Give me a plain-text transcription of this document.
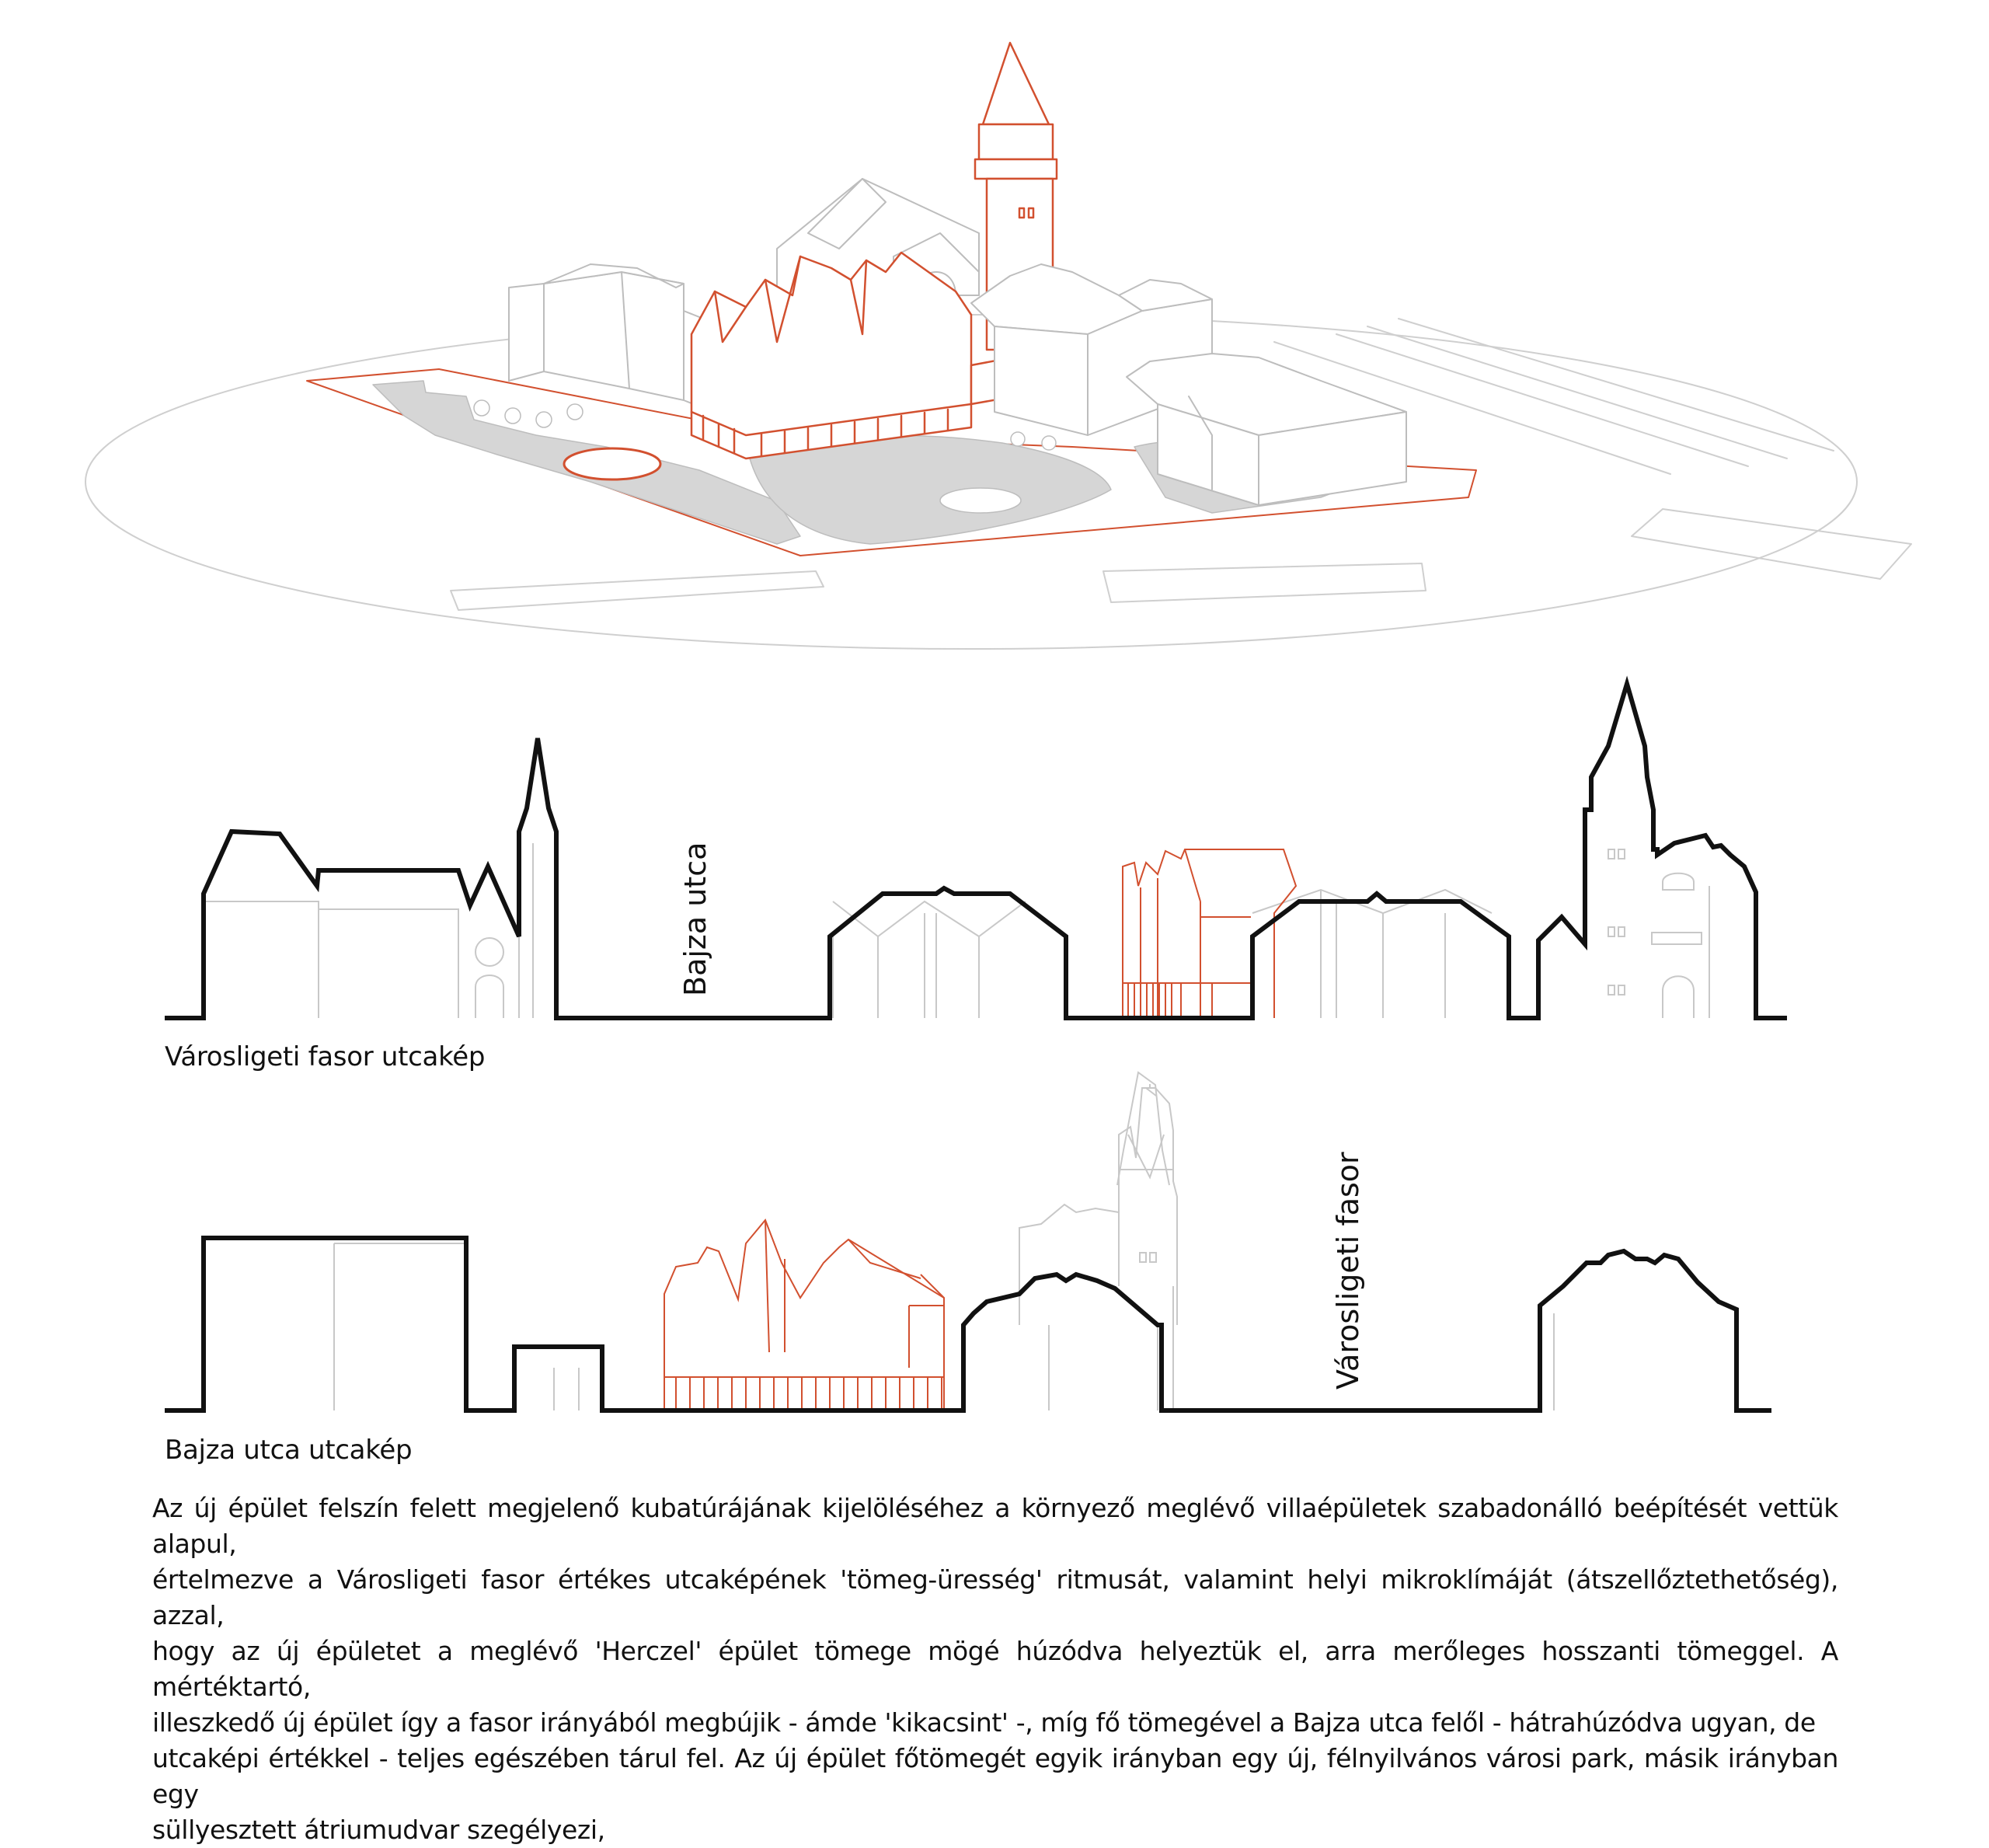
Bajza utca
Városligeti fasor
Városligeti fasor utcakép
Bajza utca utcakép
Az új épület felszín felett megjelenő kubatúrájának kijelöléséhez a környező meglévő villaépületek szabadonálló beépítését vettük alapul,
értelmezve a Városligeti fasor értékes utcaképének 'tömeg-üresség' ritmusát, valamint helyi mikroklímáját (átszellőztethetőség), azzal,
hogy az új épületet a meglévő 'Herczel' épület tömege mögé húzódva helyeztük el, arra merőleges hosszanti tömeggel. A mértéktartó,
illeszkedő új épület így a fasor irányából megbújik - ámde 'kikacsint' -, míg fő tömegével a Bajza utca felől - hátrahúzódva ugyan, de
utcaképi értékkel - teljes egészében tárul fel. Az új épület főtömegét egyik irányban egy új, félnyilvános városi park, másik irányban egy
süllyesztett átriumudvar szegélyezi,
